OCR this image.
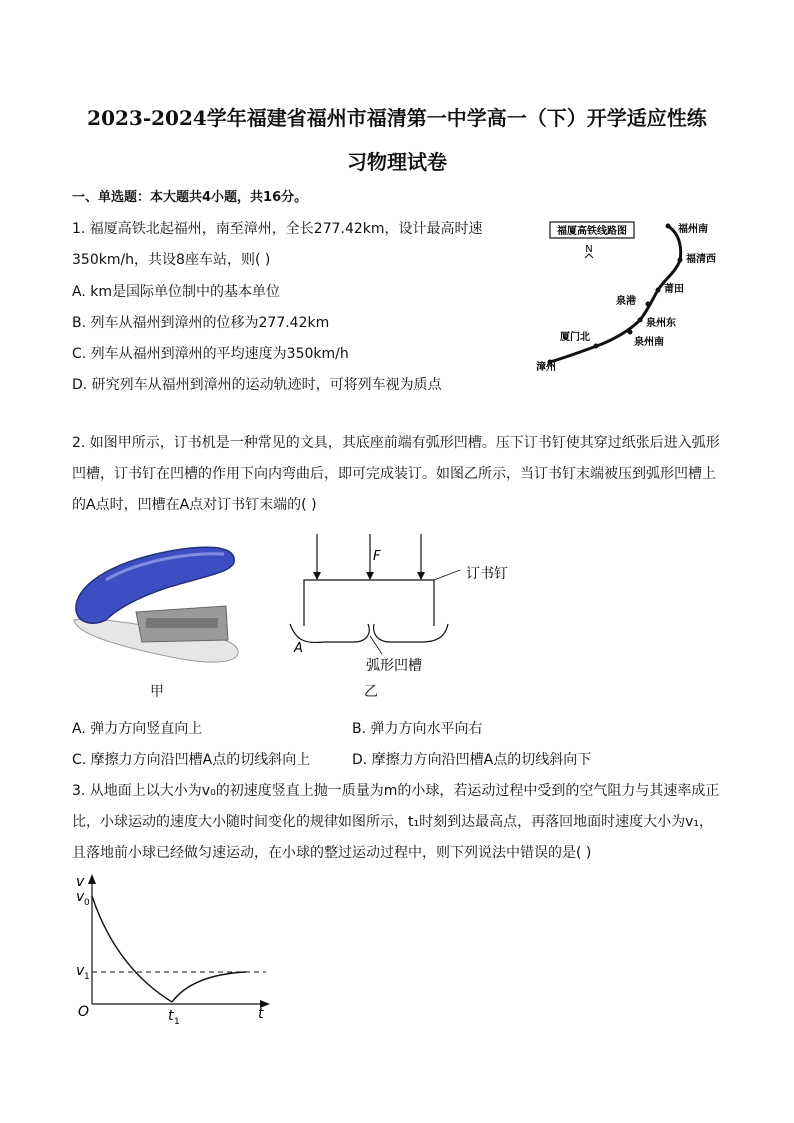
2023-2024学年福建省福州市福清第一中学高一（下）开学适应性练
习物理试卷
一、单选题：本大题共4小题，共16分。
1. 福厦高铁北起福州，南至漳州，全长277.42km，设计最高时速
350km/h，共设8座车站，则( )
A. km是国际单位制中的基本单位
B. 列车从福州到漳州的位移为277.42km
C. 列车从福州到漳州的平均速度为350km/h
D. 研究列车从福州到漳州的运动轨迹时，可将列车视为质点
福厦高铁线路图
N
福州南
福清西
莆田
泉港
泉州东
泉州南
厦门北
漳州
2. 如图甲所示，订书机是一种常见的文具，其底座前端有弧形凹槽。压下订书钉使其穿过纸张后进入弧形凹槽，订书钉在凹槽的作用下向内弯曲后，即可完成装订。如图乙所示，当订书钉末端被压到弧形凹槽上的A点时，凹槽在A点对订书钉末端的( )
甲
F
订书钉
A
弧形凹槽
乙
A. 弹力方向竖直向上	B. 弹力方向水平向右
C. 摩擦力方向沿凹槽A点的切线斜向上	D. 摩擦力方向沿凹槽A点的切线斜向下
3. 从地面上以大小为v₀的初速度竖直上抛一质量为m的小球，若运动过程中受到的空气阻力与其速率成正比，小球运动的速度大小随时间变化的规律如图所示，t₁时刻到达最高点，再落回地面时速度大小为v₁，且落地前小球已经做匀速运动，在小球的整过运动过程中，则下列说法中错误的是( )
v
v 0
v 1
O	t 1	t
